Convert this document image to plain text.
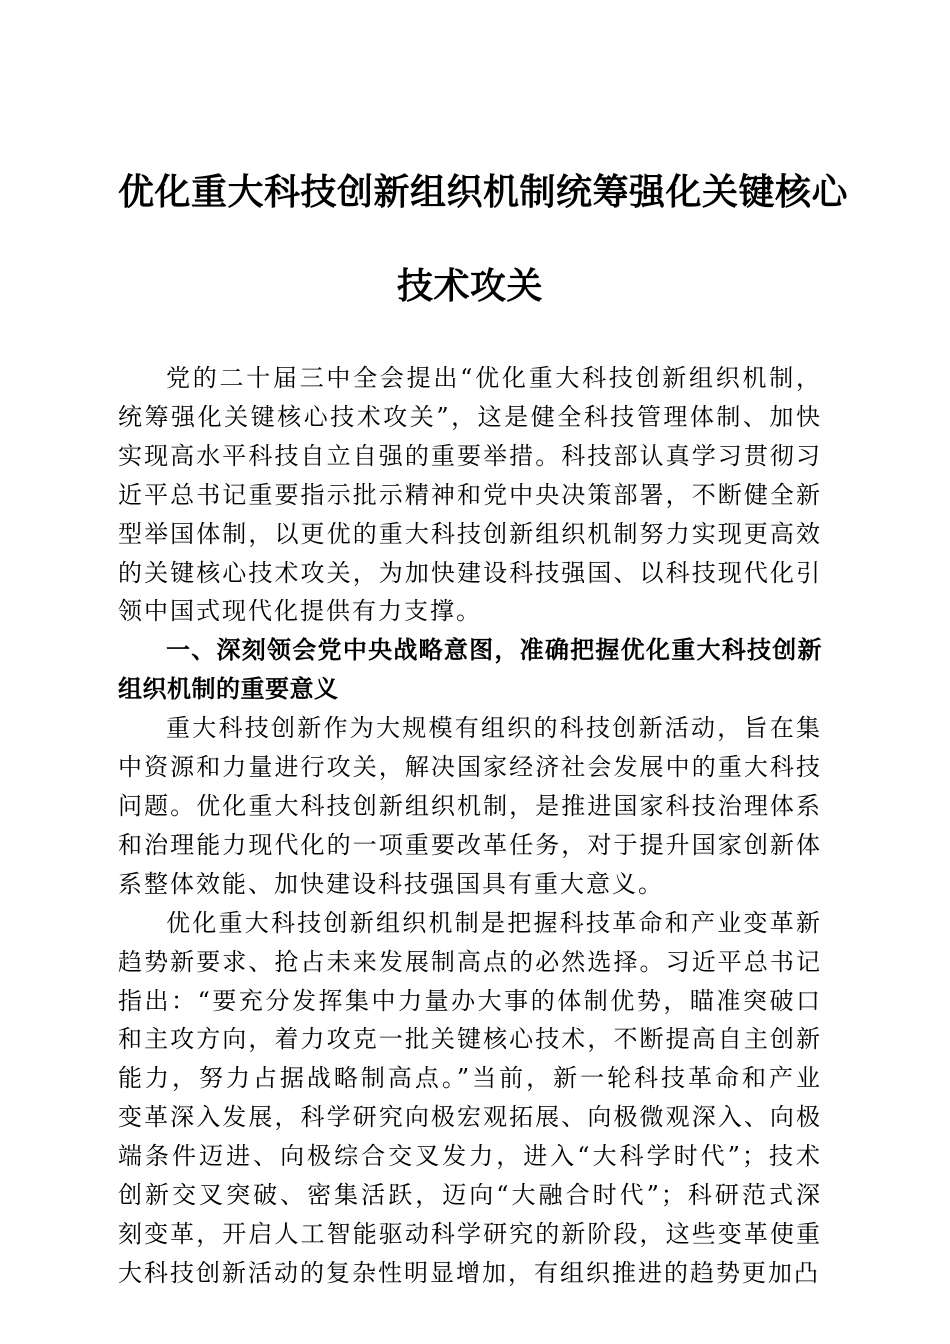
优化重大科技创新组织机制统筹强化关键核心
技术攻关

党的二十届三中全会提出“优化重大科技创新组织机制，统筹强化关键核心技术攻关”，这是健全科技管理体制、加快实现高水平科技自立自强的重要举措。科技部认真学习贯彻习近平总书记重要指示批示精神和党中央决策部署，不断健全新型举国体制，以更优的重大科技创新组织机制努力实现更高效的关键核心技术攻关，为加快建设科技强国、以科技现代化引领中国式现代化提供有力支撑。

一、深刻领会党中央战略意图，准确把握优化重大科技创新组织机制的重要意义

重大科技创新作为大规模有组织的科技创新活动，旨在集中资源和力量进行攻关，解决国家经济社会发展中的重大科技问题。优化重大科技创新组织机制，是推进国家科技治理体系和治理能力现代化的一项重要改革任务，对于提升国家创新体系整体效能、加快建设科技强国具有重大意义。

优化重大科技创新组织机制是把握科技革命和产业变革新趋势新要求、抢占未来发展制高点的必然选择。习近平总书记指出：“要充分发挥集中力量办大事的体制优势，瞄准突破口和主攻方向，着力攻克一批关键核心技术，不断提高自主创新能力，努力占据战略制高点。”当前，新一轮科技革命和产业变革深入发展，科学研究向极宏观拓展、向极微观深入、向极端条件迈进、向极综合交叉发力，进入“大科学时代”；技术创新交叉突破、密集活跃，迈向“大融合时代”；科研范式深刻变革，开启人工智能驱动科学研究的新阶段，这些变革使重大科技创新活动的复杂性明显增加，有组织推进的趋势更加凸
